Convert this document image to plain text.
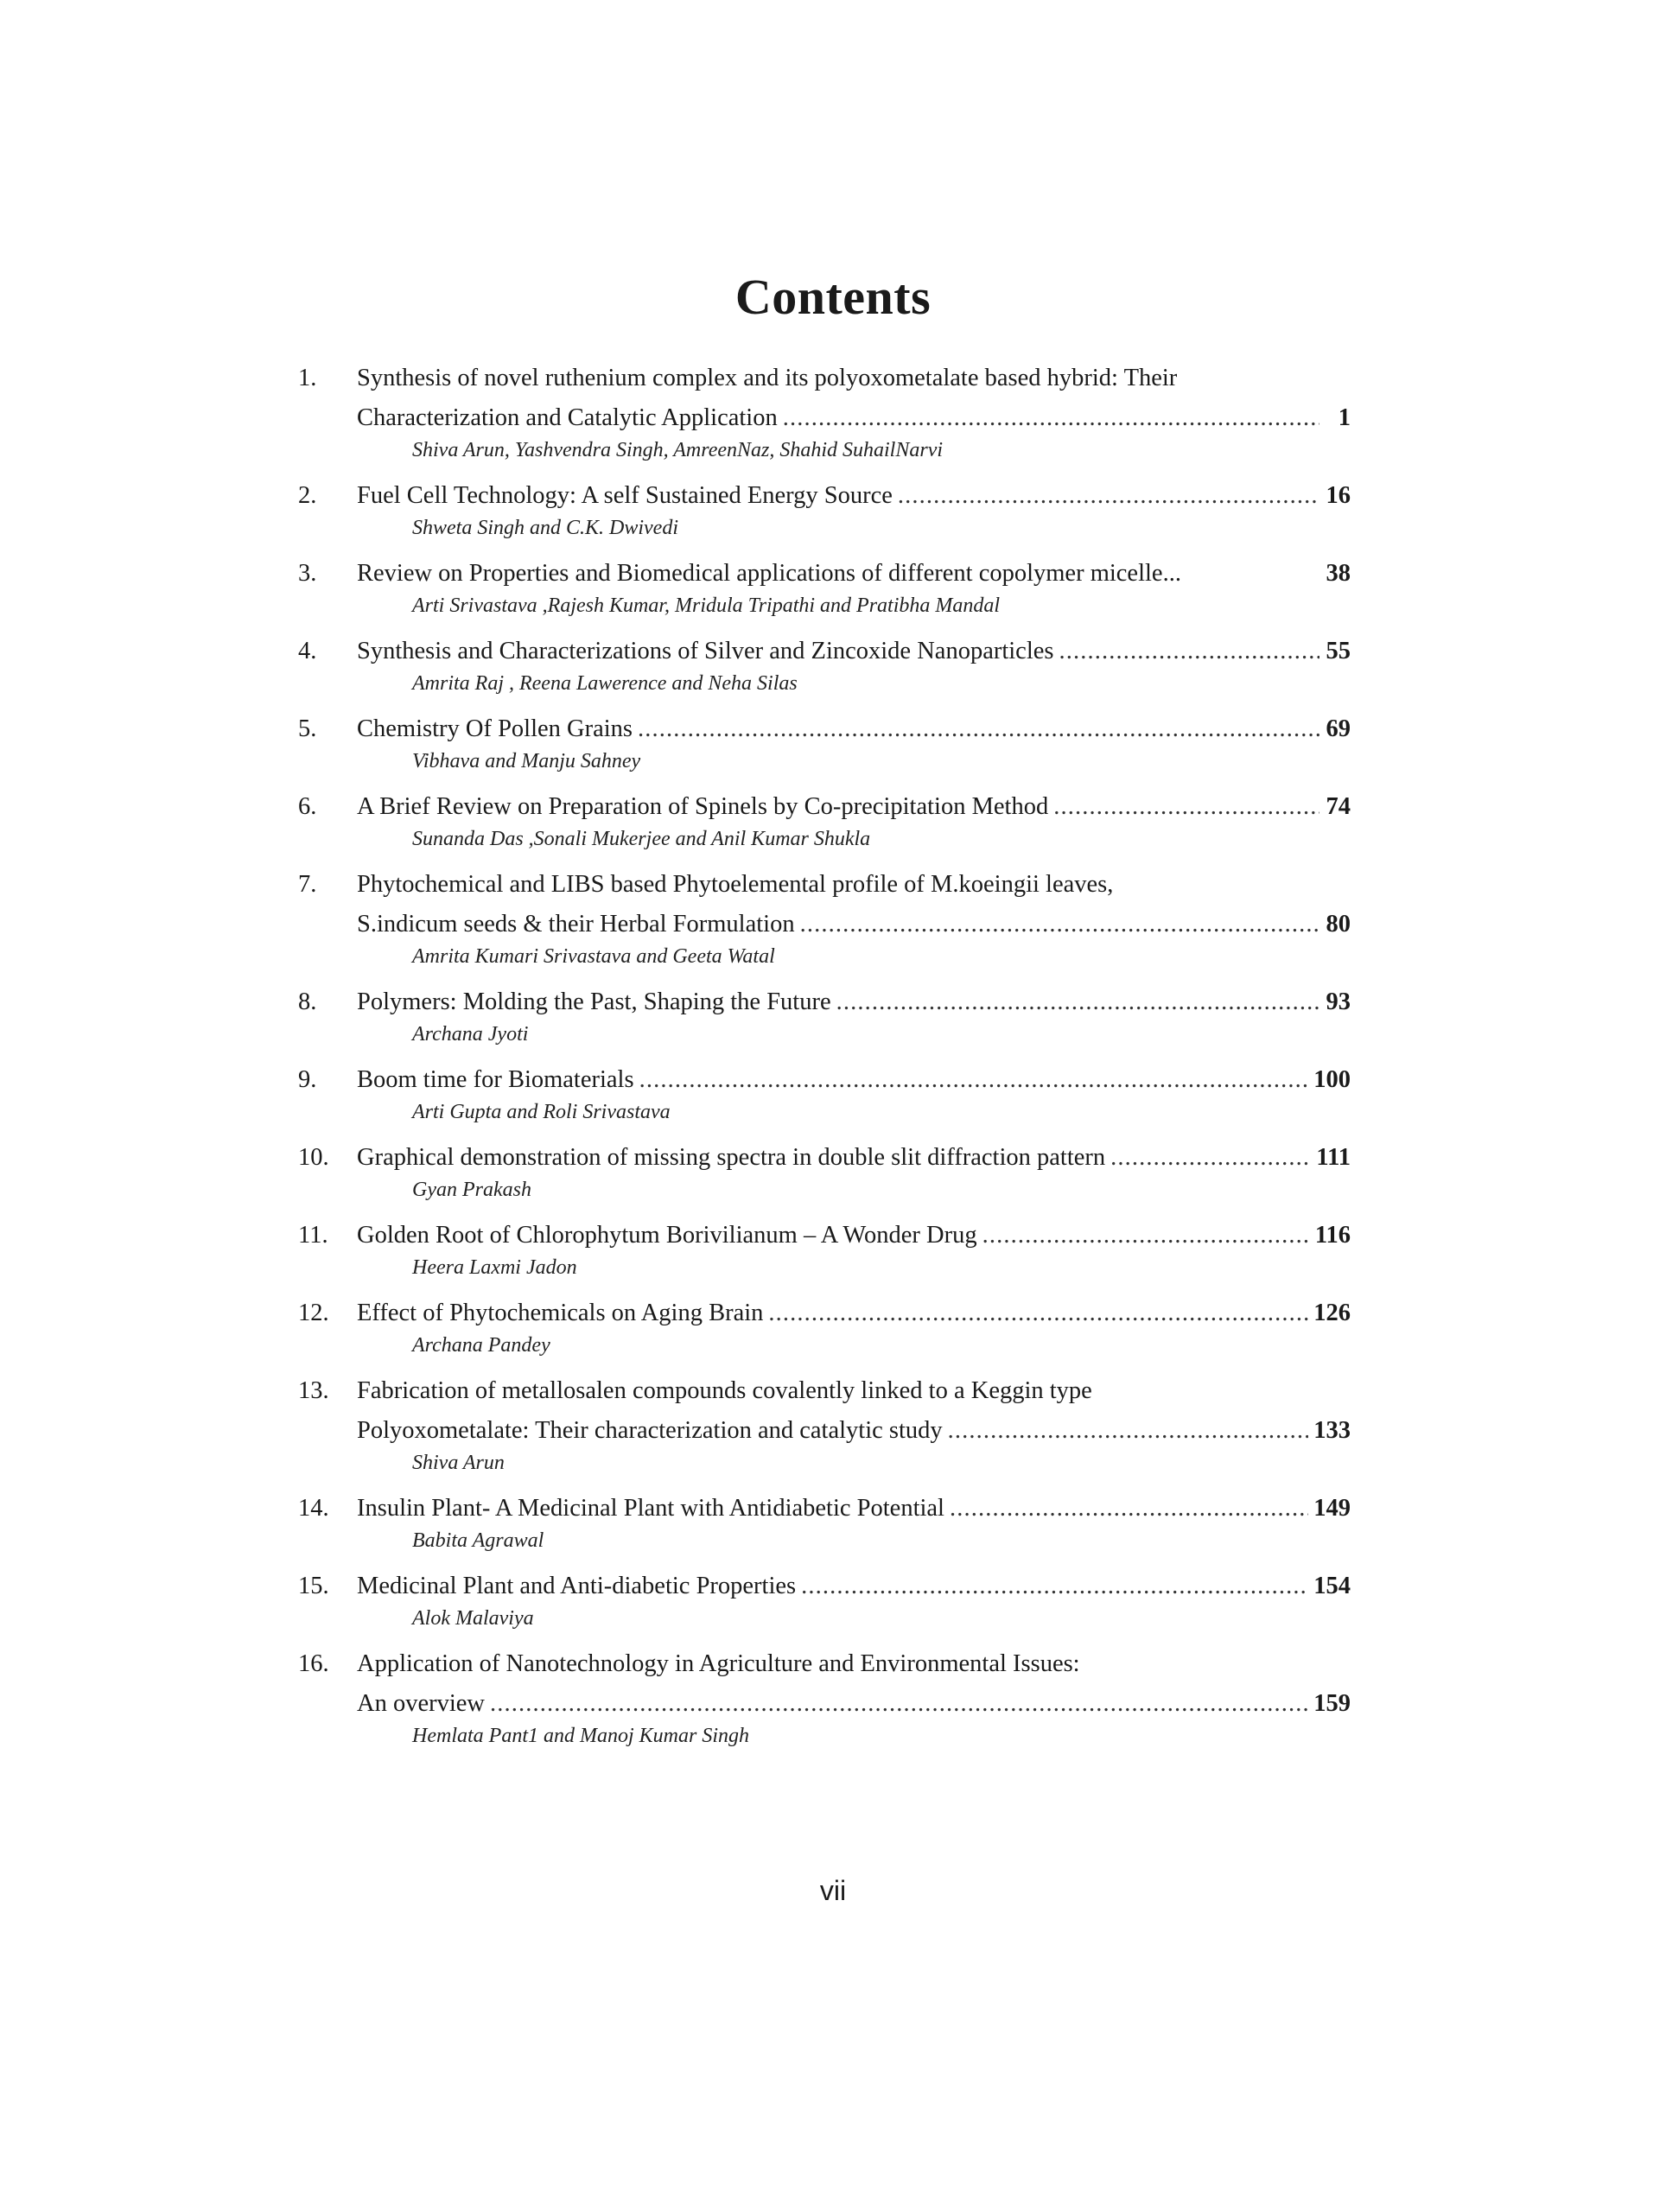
Contents
1.	Synthesis of novel ruthenium complex and its polyoxometalate based hybrid: Their
Characterization and Catalytic Application . . .	1
Shiva Arun, Yashvendra Singh, AmreenNaz, Shahid SuhailNarvi
2.	Fuel Cell Technology: A self Sustained Energy Source . . .	16
Shweta Singh and C.K. Dwivedi
3.	Review on Properties and Biomedical applications of different copolymer micelle...	38
Arti Srivastava ,Rajesh Kumar, Mridula Tripathi and Pratibha Mandal
4.	Synthesis and Characterizations of Silver and Zincoxide Nanoparticles . . .	55
Amrita Raj , Reena Lawerence and Neha Silas
5.	Chemistry Of Pollen Grains . . .	69
Vibhava and Manju Sahney
6.	A Brief Review on Preparation of Spinels by Co-precipitation Method . . .	74
Sunanda Das ,Sonali Mukerjee and Anil Kumar Shukla
7.	Phytochemical and LIBS based Phytoelemental profile of M.koeingii leaves,
S.indicum seeds & their Herbal Formulation . . .	80
Amrita Kumari Srivastava and Geeta Watal
8.	Polymers: Molding the Past, Shaping the Future . . .	93
Archana Jyoti
9.	Boom time for Biomaterials . . .	100
Arti Gupta and Roli Srivastava
10.	Graphical demonstration of missing spectra in double slit diffraction pattern . . .	111
Gyan Prakash
11.	Golden Root of Chlorophytum Borivilianum – A Wonder Drug . . .	116
Heera Laxmi Jadon
12.	Effect of Phytochemicals on Aging Brain . . .	126
Archana Pandey
13.	Fabrication of metallosalen compounds covalently linked to a Keggin type
Polyoxometalate: Their characterization and catalytic study . . .	133
Shiva Arun
14.	Insulin Plant- A Medicinal Plant with Antidiabetic Potential . . .	149
Babita Agrawal
15.	Medicinal Plant and Anti-diabetic Properties . . .	154
Alok Malaviya
16.	Application of Nanotechnology in Agriculture and Environmental Issues:
An overview . . .	159
Hemlata Pant1 and Manoj Kumar Singh
vii
